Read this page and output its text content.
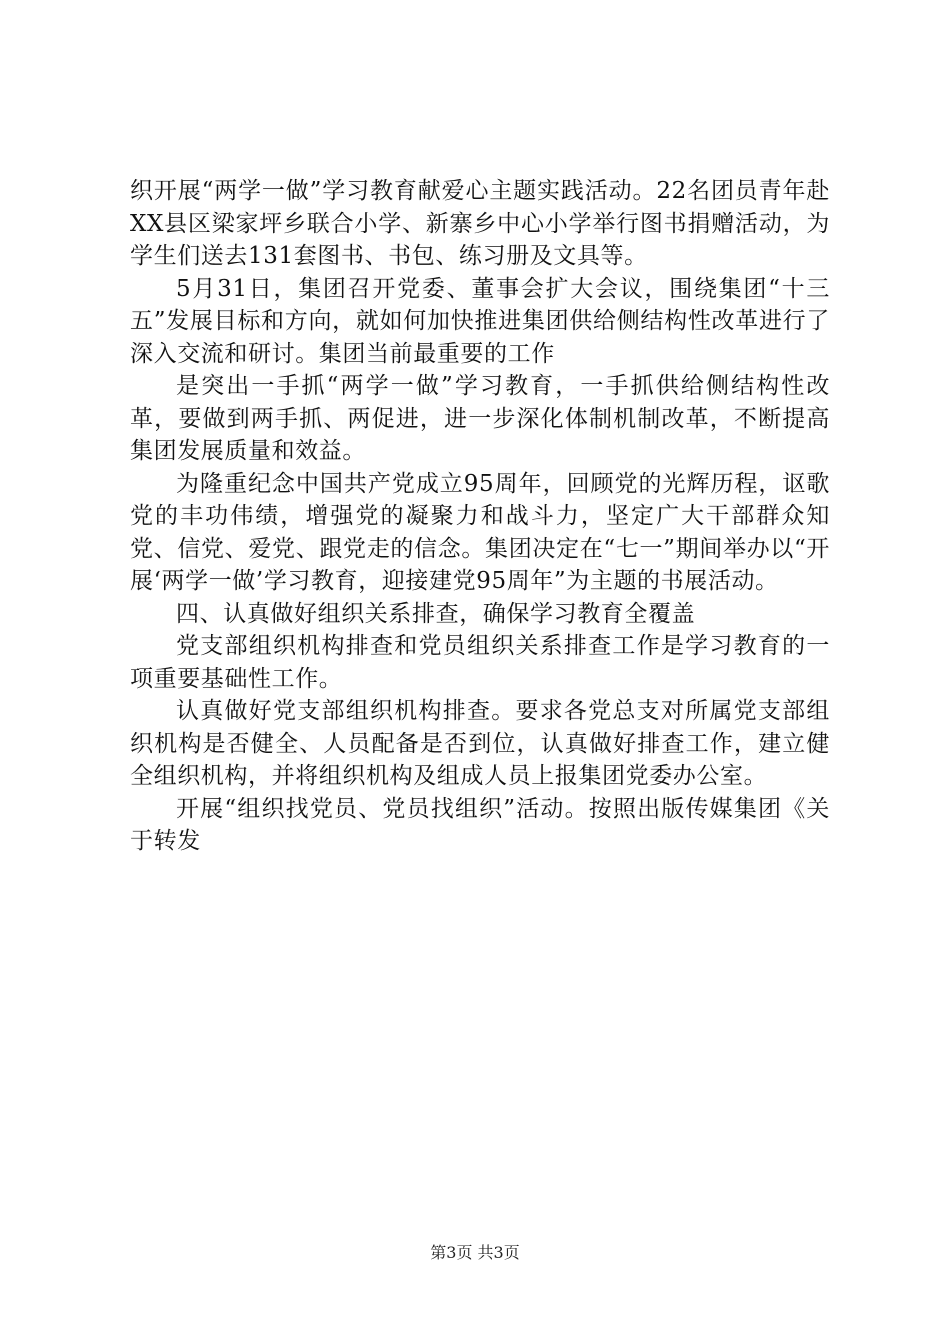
织开展“两学一做”学习教育献爱心主题实践活动。22名团员青年赴XX县区梁家坪乡联合小学、新寨乡中心小学举行图书捐赠活动，为学生们送去131套图书、书包、练习册及文具等。

5月31日，集团召开党委、董事会扩大会议，围绕集团“十三五”发展目标和方向，就如何加快推进集团供给侧结构性改革进行了深入交流和研讨。集团当前最重要的工作

是突出一手抓“两学一做”学习教育，一手抓供给侧结构性改革，要做到两手抓、两促进，进一步深化体制机制改革，不断提高集团发展质量和效益。

为隆重纪念中国共产党成立95周年，回顾党的光辉历程，讴歌党的丰功伟绩，增强党的凝聚力和战斗力，坚定广大干部群众知党、信党、爱党、跟党走的信念。集团决定在“七一”期间举办以“开展‘两学一做’学习教育，迎接建党95周年”为主题的书展活动。

四、认真做好组织关系排查，确保学习教育全覆盖

党支部组织机构排查和党员组织关系排查工作是学习教育的一项重要基础性工作。

认真做好党支部组织机构排查。要求各党总支对所属党支部组织机构是否健全、人员配备是否到位，认真做好排查工作，建立健全组织机构，并将组织机构及组成人员上报集团党委办公室。

开展“组织找党员、党员找组织”活动。按照出版传媒集团《关于转发

第3页 共3页
